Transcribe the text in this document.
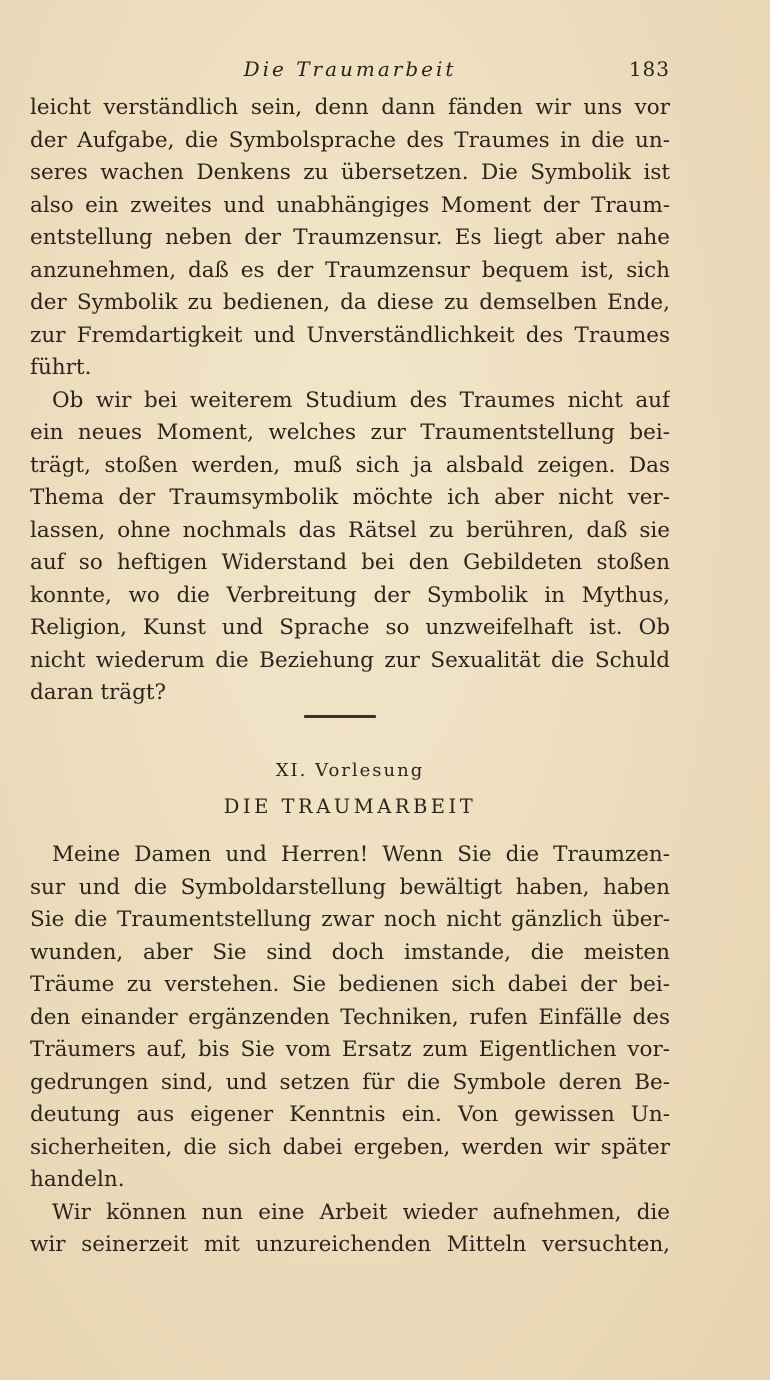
Die Traumarbeit	183
leicht verständlich sein, denn dann fänden wir uns vor
der Aufgabe, die Symbolsprache des Traumes in die un-
seres wachen Denkens zu übersetzen. Die Symbolik ist
also ein zweites und unabhängiges Moment der Traum-
entstellung neben der Traumzensur. Es liegt aber nahe
anzunehmen, daß es der Traumzensur bequem ist, sich
der Symbolik zu bedienen, da diese zu demselben Ende,
zur Fremdartigkeit und Unverständlichkeit des Traumes
führt.
Ob wir bei weiterem Studium des Traumes nicht auf
ein neues Moment, welches zur Traumentstellung bei-
trägt, stoßen werden, muß sich ja alsbald zeigen. Das
Thema der Traumsymbolik möchte ich aber nicht ver-
lassen, ohne nochmals das Rätsel zu berühren, daß sie
auf so heftigen Widerstand bei den Gebildeten stoßen
konnte, wo die Verbreitung der Symbolik in Mythus,
Religion, Kunst und Sprache so unzweifelhaft ist. Ob
nicht wiederum die Beziehung zur Sexualität die Schuld
daran trägt?
XI. Vorlesung
DIE TRAUMARBEIT
Meine Damen und Herren! Wenn Sie die Traumzen-
sur und die Symboldarstellung bewältigt haben, haben
Sie die Traumentstellung zwar noch nicht gänzlich über-
wunden, aber Sie sind doch imstande, die meisten
Träume zu verstehen. Sie bedienen sich dabei der bei-
den einander ergänzenden Techniken, rufen Einfälle des
Träumers auf, bis Sie vom Ersatz zum Eigentlichen vor-
gedrungen sind, und setzen für die Symbole deren Be-
deutung aus eigener Kenntnis ein. Von gewissen Un-
sicherheiten, die sich dabei ergeben, werden wir später
handeln.
Wir können nun eine Arbeit wieder aufnehmen, die
wir seinerzeit mit unzureichenden Mitteln versuchten,
